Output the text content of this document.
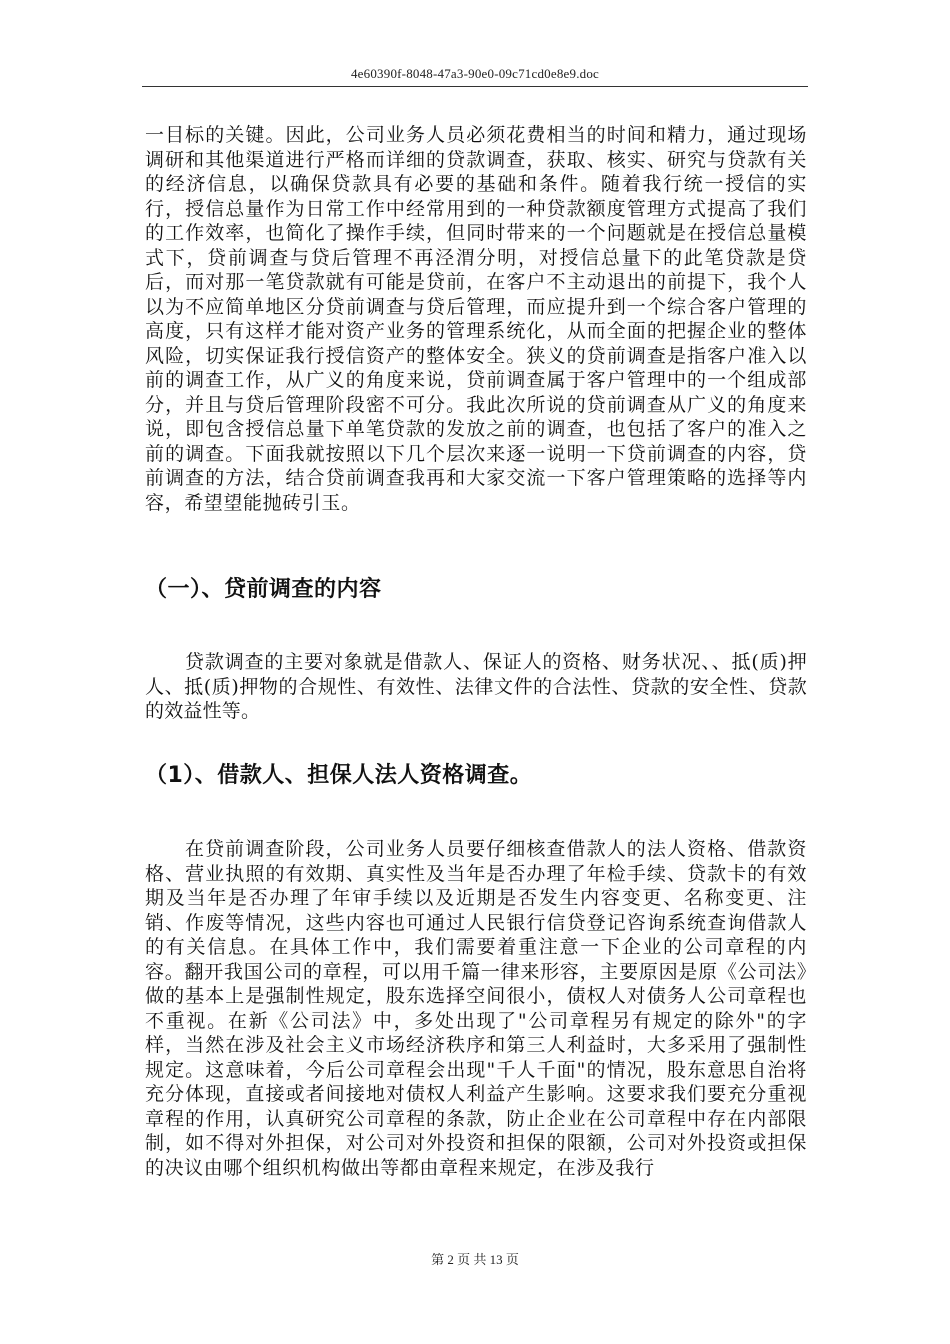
4e60390f-8048-47a3-90e0-09c71cd0e8e9.doc

一目标的关键。因此，公司业务人员必须花费相当的时间和精力，通过现场调研和其他渠道进行严格而详细的贷款调查，获取、核实、研究与贷款有关的经济信息，以确保贷款具有必要的基础和条件。随着我行统一授信的实行，授信总量作为日常工作中经常用到的一种贷款额度管理方式提高了我们的工作效率，也简化了操作手续，但同时带来的一个问题就是在授信总量模式下，贷前调查与贷后管理不再泾渭分明，对授信总量下的此笔贷款是贷后，而对那一笔贷款就有可能是贷前，在客户不主动退出的前提下，我个人以为不应简单地区分贷前调查与贷后管理，而应提升到一个综合客户管理的高度，只有这样才能对资产业务的管理系统化，从而全面的把握企业的整体风险，切实保证我行授信资产的整体安全。狭义的贷前调查是指客户准入以前的调查工作，从广义的角度来说，贷前调查属于客户管理中的一个组成部分，并且与贷后管理阶段密不可分。我此次所说的贷前调查从广义的角度来说，即包含授信总量下单笔贷款的发放之前的调查，也包括了客户的准入之前的调查。下面我就按照以下几个层次来逐一说明一下贷前调查的内容，贷前调查的方法，结合贷前调查我再和大家交流一下客户管理策略的选择等内容，希望望能抛砖引玉。

（一）、贷前调查的内容

贷款调查的主要对象就是借款人、保证人的资格、财务状况、、抵(质)押人、抵(质)押物的合规性、有效性、法律文件的合法性、贷款的安全性、贷款的效益性等。

（1）、借款人、担保人法人资格调查。

在贷前调查阶段，公司业务人员要仔细核查借款人的法人资格、借款资格、营业执照的有效期、真实性及当年是否办理了年检手续、贷款卡的有效期及当年是否办理了年审手续以及近期是否发生内容变更、名称变更、注销、作废等情况，这些内容也可通过人民银行信贷登记咨询系统查询借款人的有关信息。在具体工作中，我们需要着重注意一下企业的公司章程的内容。翻开我国公司的章程，可以用千篇一律来形容，主要原因是原《公司法》做的基本上是强制性规定，股东选择空间很小，债权人对债务人公司章程也不重视。在新《公司法》中，多处出现了"公司章程另有规定的除外"的字样，当然在涉及社会主义市场经济秩序和第三人利益时，大多采用了强制性规定。这意味着，今后公司章程会出现"千人千面"的情况，股东意思自治将充分体现，直接或者间接地对债权人利益产生影响。这要求我们要充分重视章程的作用，认真研究公司章程的条款，防止企业在公司章程中存在内部限制，如不得对外担保，对公司对外投资和担保的限额，公司对外投资或担保的决议由哪个组织机构做出等都由章程来规定，在涉及我行

第 2 页 共 13 页
